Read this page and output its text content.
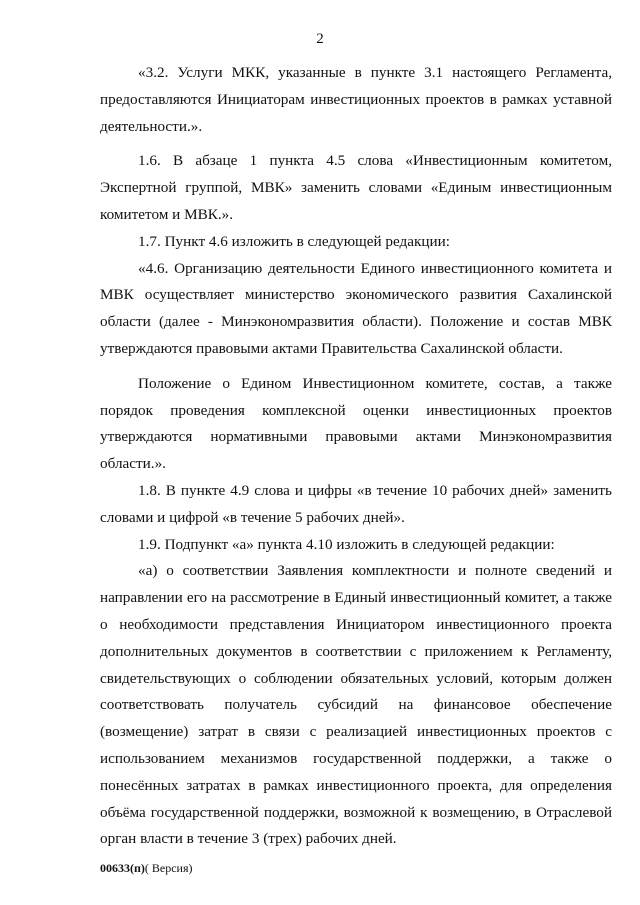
2

«3.2. Услуги МКК, указанные в пункте 3.1 настоящего Регламента, предоставляются Инициаторам инвестиционных проектов в рамках уставной деятельности.».

1.6. В абзаце 1 пункта 4.5 слова «Инвестиционным комитетом, Экспертной группой, МВК» заменить словами «Единым инвестиционным комитетом и МВК.».

1.7. Пункт 4.6 изложить в следующей редакции:

«4.6. Организацию деятельности Единого инвестиционного комитета и МВК осуществляет министерство экономического развития Сахалинской области (далее - Минэкономразвития области). Положение и состав МВК утверждаются правовыми актами Правительства Сахалинской области.

Положение о Едином Инвестиционном комитете, состав, а также порядок проведения комплексной оценки инвестиционных проектов утверждаются нормативными правовыми актами Минэкономразвития области.».

1.8. В пункте 4.9 слова и цифры «в течение 10 рабочих дней» заменить словами и цифрой «в течение 5 рабочих дней».

1.9. Подпункт «а» пункта 4.10 изложить в следующей редакции:

«а) о соответствии Заявления комплектности и полноте сведений и направлении его на рассмотрение в Единый инвестиционный комитет, а также о необходимости представления Инициатором инвестиционного проекта дополнительных документов в соответствии с приложением к Регламенту, свидетельствующих о соблюдении обязательных условий, которым должен соответствовать получатель субсидий на финансовое обеспечение (возмещение) затрат в связи с реализацией инвестиционных проектов с использованием механизмов государственной поддержки, а также о понесённых затратах в рамках инвестиционного проекта, для определения объёма государственной поддержки, возможной к возмещению, в Отраслевой орган власти в течение 3 (трех) рабочих дней.

00633(п)( Версия)
